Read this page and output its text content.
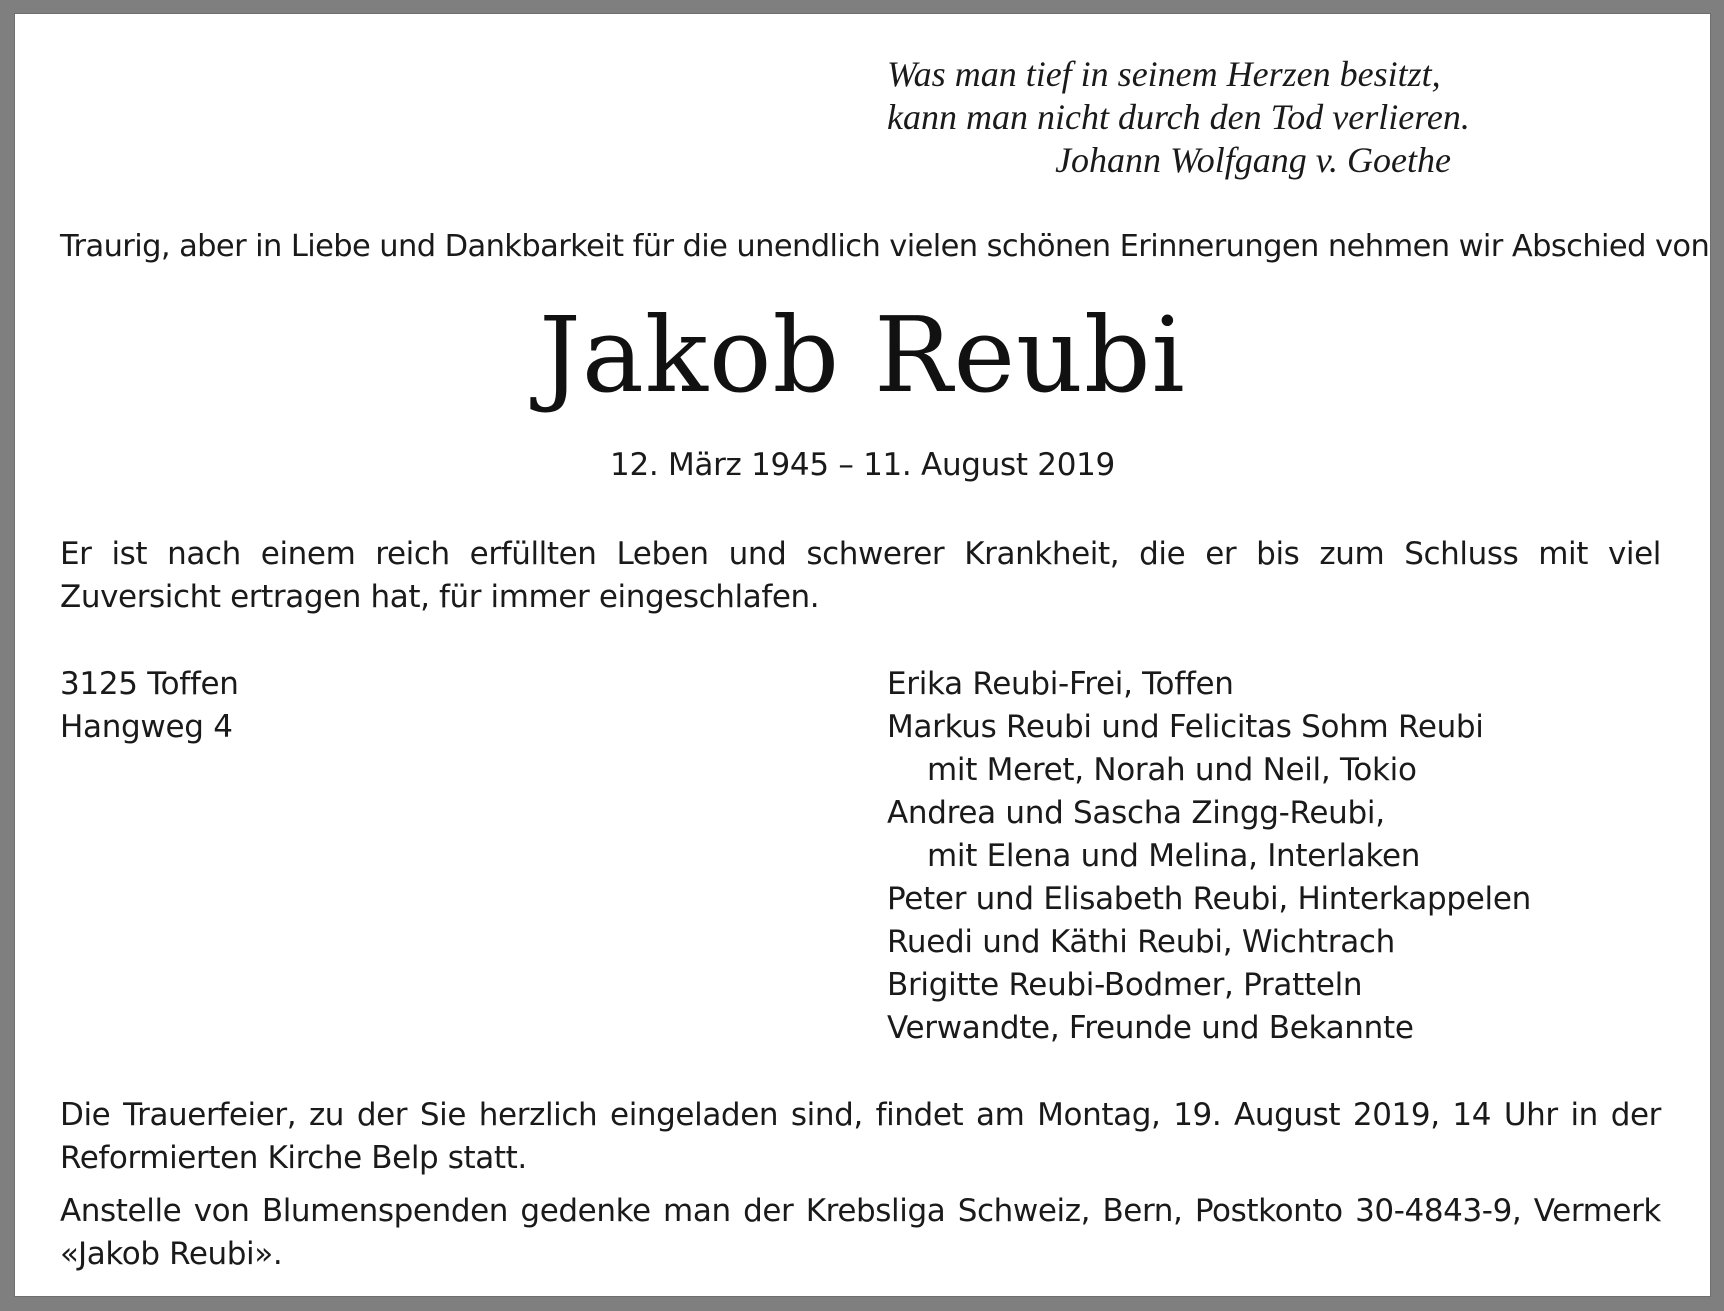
Was man tief in seinem Herzen besitzt,
kann man nicht durch den Tod verlieren.
Johann Wolfgang v. Goethe
Traurig, aber in Liebe und Dankbarkeit für die unendlich vielen schönen Erinnerungen nehmen wir Abschied von
Jakob Reubi
12. März 1945 – 11. August 2019
Er ist nach einem reich erfüllten Leben und schwerer Krankheit, die er bis zum Schluss mit viel Zuversicht ertragen hat, für immer eingeschlafen.
3125 Toffen
Hangweg 4
Erika Reubi-Frei, Toffen
Markus Reubi und Felicitas Sohm Reubi
mit Meret, Norah und Neil, Tokio
Andrea und Sascha Zingg-Reubi,
mit Elena und Melina, Interlaken
Peter und Elisabeth Reubi, Hinterkappelen
Ruedi und Käthi Reubi, Wichtrach
Brigitte Reubi-Bodmer, Pratteln
Verwandte, Freunde und Bekannte
Die Trauerfeier, zu der Sie herzlich eingeladen sind, findet am Montag, 19. August 2019, 14 Uhr in der Reformierten Kirche Belp statt.
Anstelle von Blumenspenden gedenke man der Krebsliga Schweiz, Bern, Postkonto 30-4843-9, Vermerk «Jakob Reubi».
